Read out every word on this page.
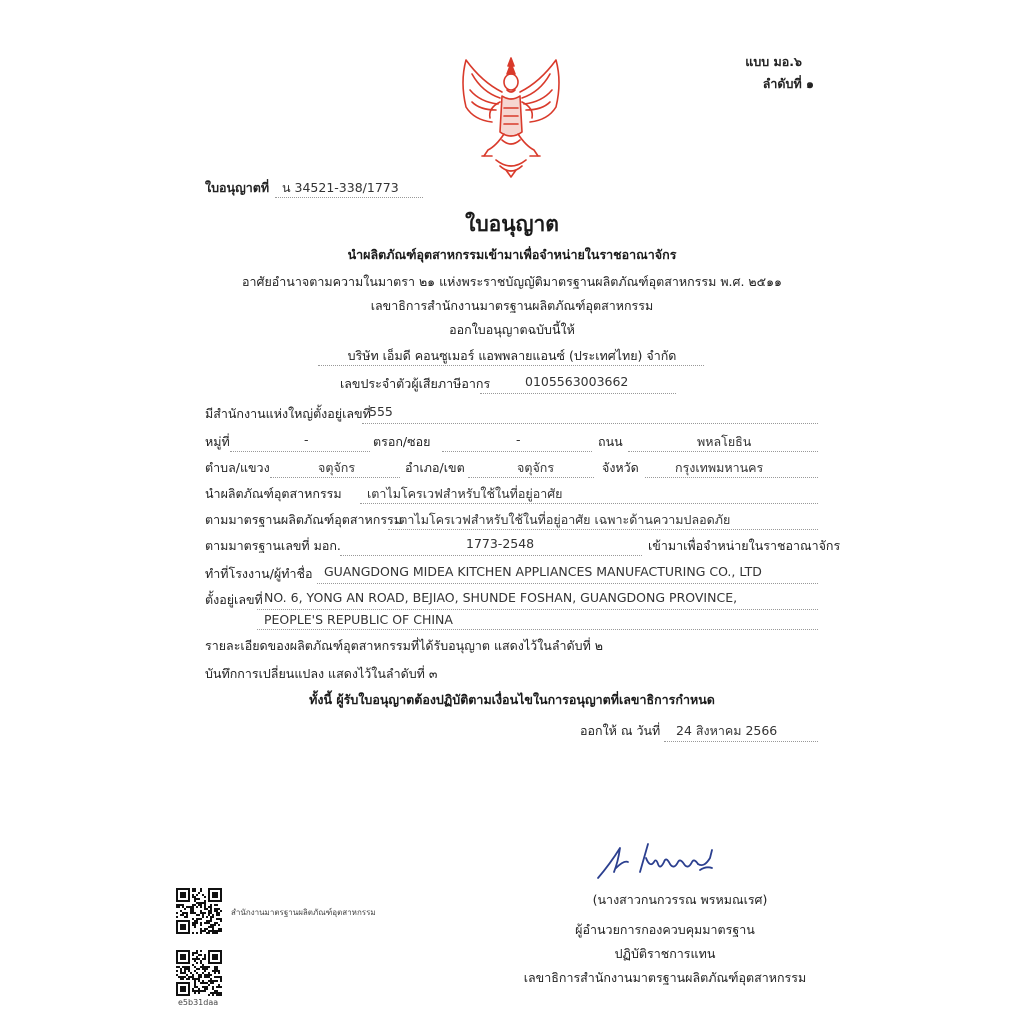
แบบ มอ.๖
ลำดับที่ ๑
ใบอนุญาตที่ น 34521-338/1773
ใบอนุญาต
นำผลิตภัณฑ์อุตสาหกรรมเข้ามาเพื่อจำหน่ายในราชอาณาจักร
อาศัยอำนาจตามความในมาตรา ๒๑ แห่งพระราชบัญญัติมาตรฐานผลิตภัณฑ์อุตสาหกรรม พ.ศ. ๒๕๑๑
เลขาธิการสำนักงานมาตรฐานผลิตภัณฑ์อุตสาหกรรม
ออกใบอนุญาตฉบับนี้ให้
บริษัท เอ็มดี คอนซูเมอร์ แอพพลายแอนซ์ (ประเทศไทย) จำกัด
เลขประจำตัวผู้เสียภาษีอากร	0105563003662
มีสำนักงานแห่งใหญ่ตั้งอยู่เลขที่
555
หมู่ที่	-	ตรอก/ซอย	-	ถนน	พหลโยธิน
ตำบล/แขวง	จตุจักร	อำเภอ/เขต	จตุจักร	จังหวัด	กรุงเทพมหานคร
นำผลิตภัณฑ์อุตสาหกรรม เตาไมโครเวฟสำหรับใช้ในที่อยู่อาศัย
ตามมาตรฐานผลิตภัณฑ์อุตสาหกรรม
เตาไมโครเวฟสำหรับใช้ในที่อยู่อาศัย เฉพาะด้านความปลอดภัย
ตามมาตรฐานเลขที่ มอก.	1773-2548	เข้ามาเพื่อจำหน่ายในราชอาณาจักร
ทำที่โรงงาน/ผู้ทำชื่อ GUANGDONG MIDEA KITCHEN APPLIANCES MANUFACTURING CO., LTD
ตั้งอยู่เลขที่ NO. 6, YONG AN ROAD, BEJIAO, SHUNDE FOSHAN, GUANGDONG PROVINCE,
PEOPLE'S REPUBLIC OF CHINA
รายละเอียดของผลิตภัณฑ์อุตสาหกรรมที่ได้รับอนุญาต แสดงไว้ในลำดับที่ ๒
บันทึกการเปลี่ยนแปลง แสดงไว้ในลำดับที่ ๓
ทั้งนี้ ผู้รับใบอนุญาตต้องปฏิบัติตามเงื่อนไขในการอนุญาตที่เลขาธิการกำหนด
ออกให้ ณ วันที่ 24 สิงหาคม 2566
(นางสาวกนกวรรณ พรหมณเรศ)
ผู้อำนวยการกองควบคุมมาตรฐาน
ปฏิบัติราชการแทน
เลขาธิการสำนักงานมาตรฐานผลิตภัณฑ์อุตสาหกรรม
สำนักงานมาตรฐานผลิตภัณฑ์อุตสาหกรรม
e5b31daa
